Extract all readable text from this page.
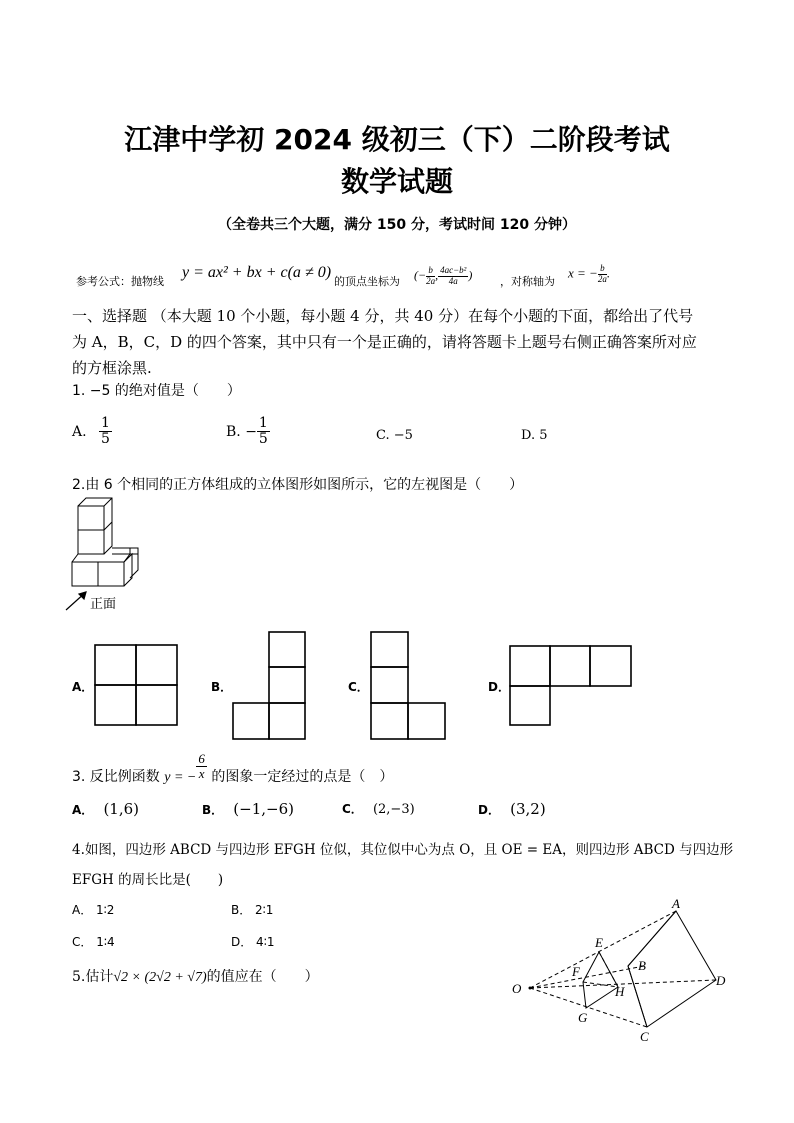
江津中学初 2024 级初三（下）二阶段考试
数学试题
（全卷共三个大题，满分 150 分，考试时间 120 分钟）
参考公式：抛物线
y = ax² + bx + c(a ≠ 0)
的顶点坐标为 (− $\frac{b}{2a}$ , $\frac{\text{4ac−b²}}{4a}$ )	，对称轴为
x = − $\frac{b}{2a}$ .
一、选择题 （本大题 10 个小题，每小题 4 分，共 40 分）在每个小题的下面，都给出了代号
为 A，B，C，D 的四个答案，其中只有一个是正确的，请将答题卡上题号右侧正确答案所对应
的方框涂黑.
1. −5 的绝对值是（　　）
A. $\frac{1}{5}$	B. − $\frac{1}{5}$	C. −5	D. 5
2.由 6 个相同的正方体组成的立体图形如图所示，它的左视图是（　　）
正面
A．	B．	C．	D．
3. 反比例函数 y = − $\frac{6}{x}$ 的图象一定经过的点是（　）
A． (1,6)	B． (−1,−6)	C． (2,−3)	D． (3,2)
4.如图，四边形 ABCD 与四边形 EFGH 位似，其位似中心为点 O，且 OE = EA，则四边形 ABCD 与四边形
EFGH 的周长比是(　　)
A． 1∶2	B． 2∶1
C． 1∶4	D． 4∶1
5.估计√2 × (2√2 + √7)的值应在（　　）
A
B
C
D
E
F
G
H
O
